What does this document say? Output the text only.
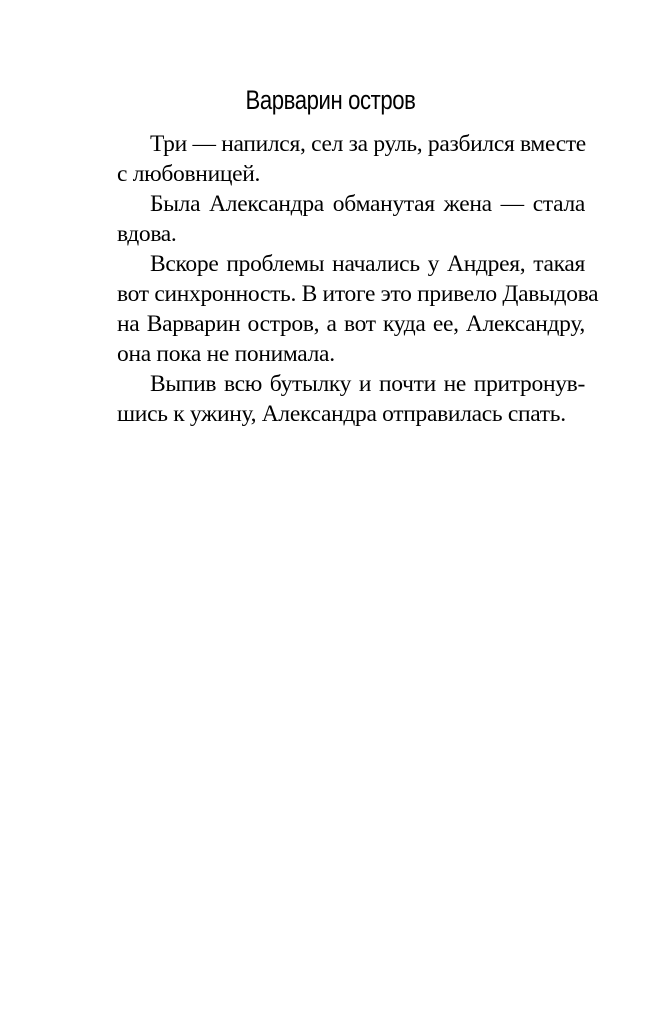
Варварин остров
Три — напился, сел за руль, разбился вместе
с любовницей.
Была Александра обманутая жена — стала
вдова.
Вскоре проблемы начались у Андрея, такая
вот синхронность. В итоге это привело Давыдова
на Варварин остров, а вот куда ее, Александру,
она пока не понимала.
Выпив всю бутылку и почти не притронув-
шись к ужину, Александра отправилась спать.
